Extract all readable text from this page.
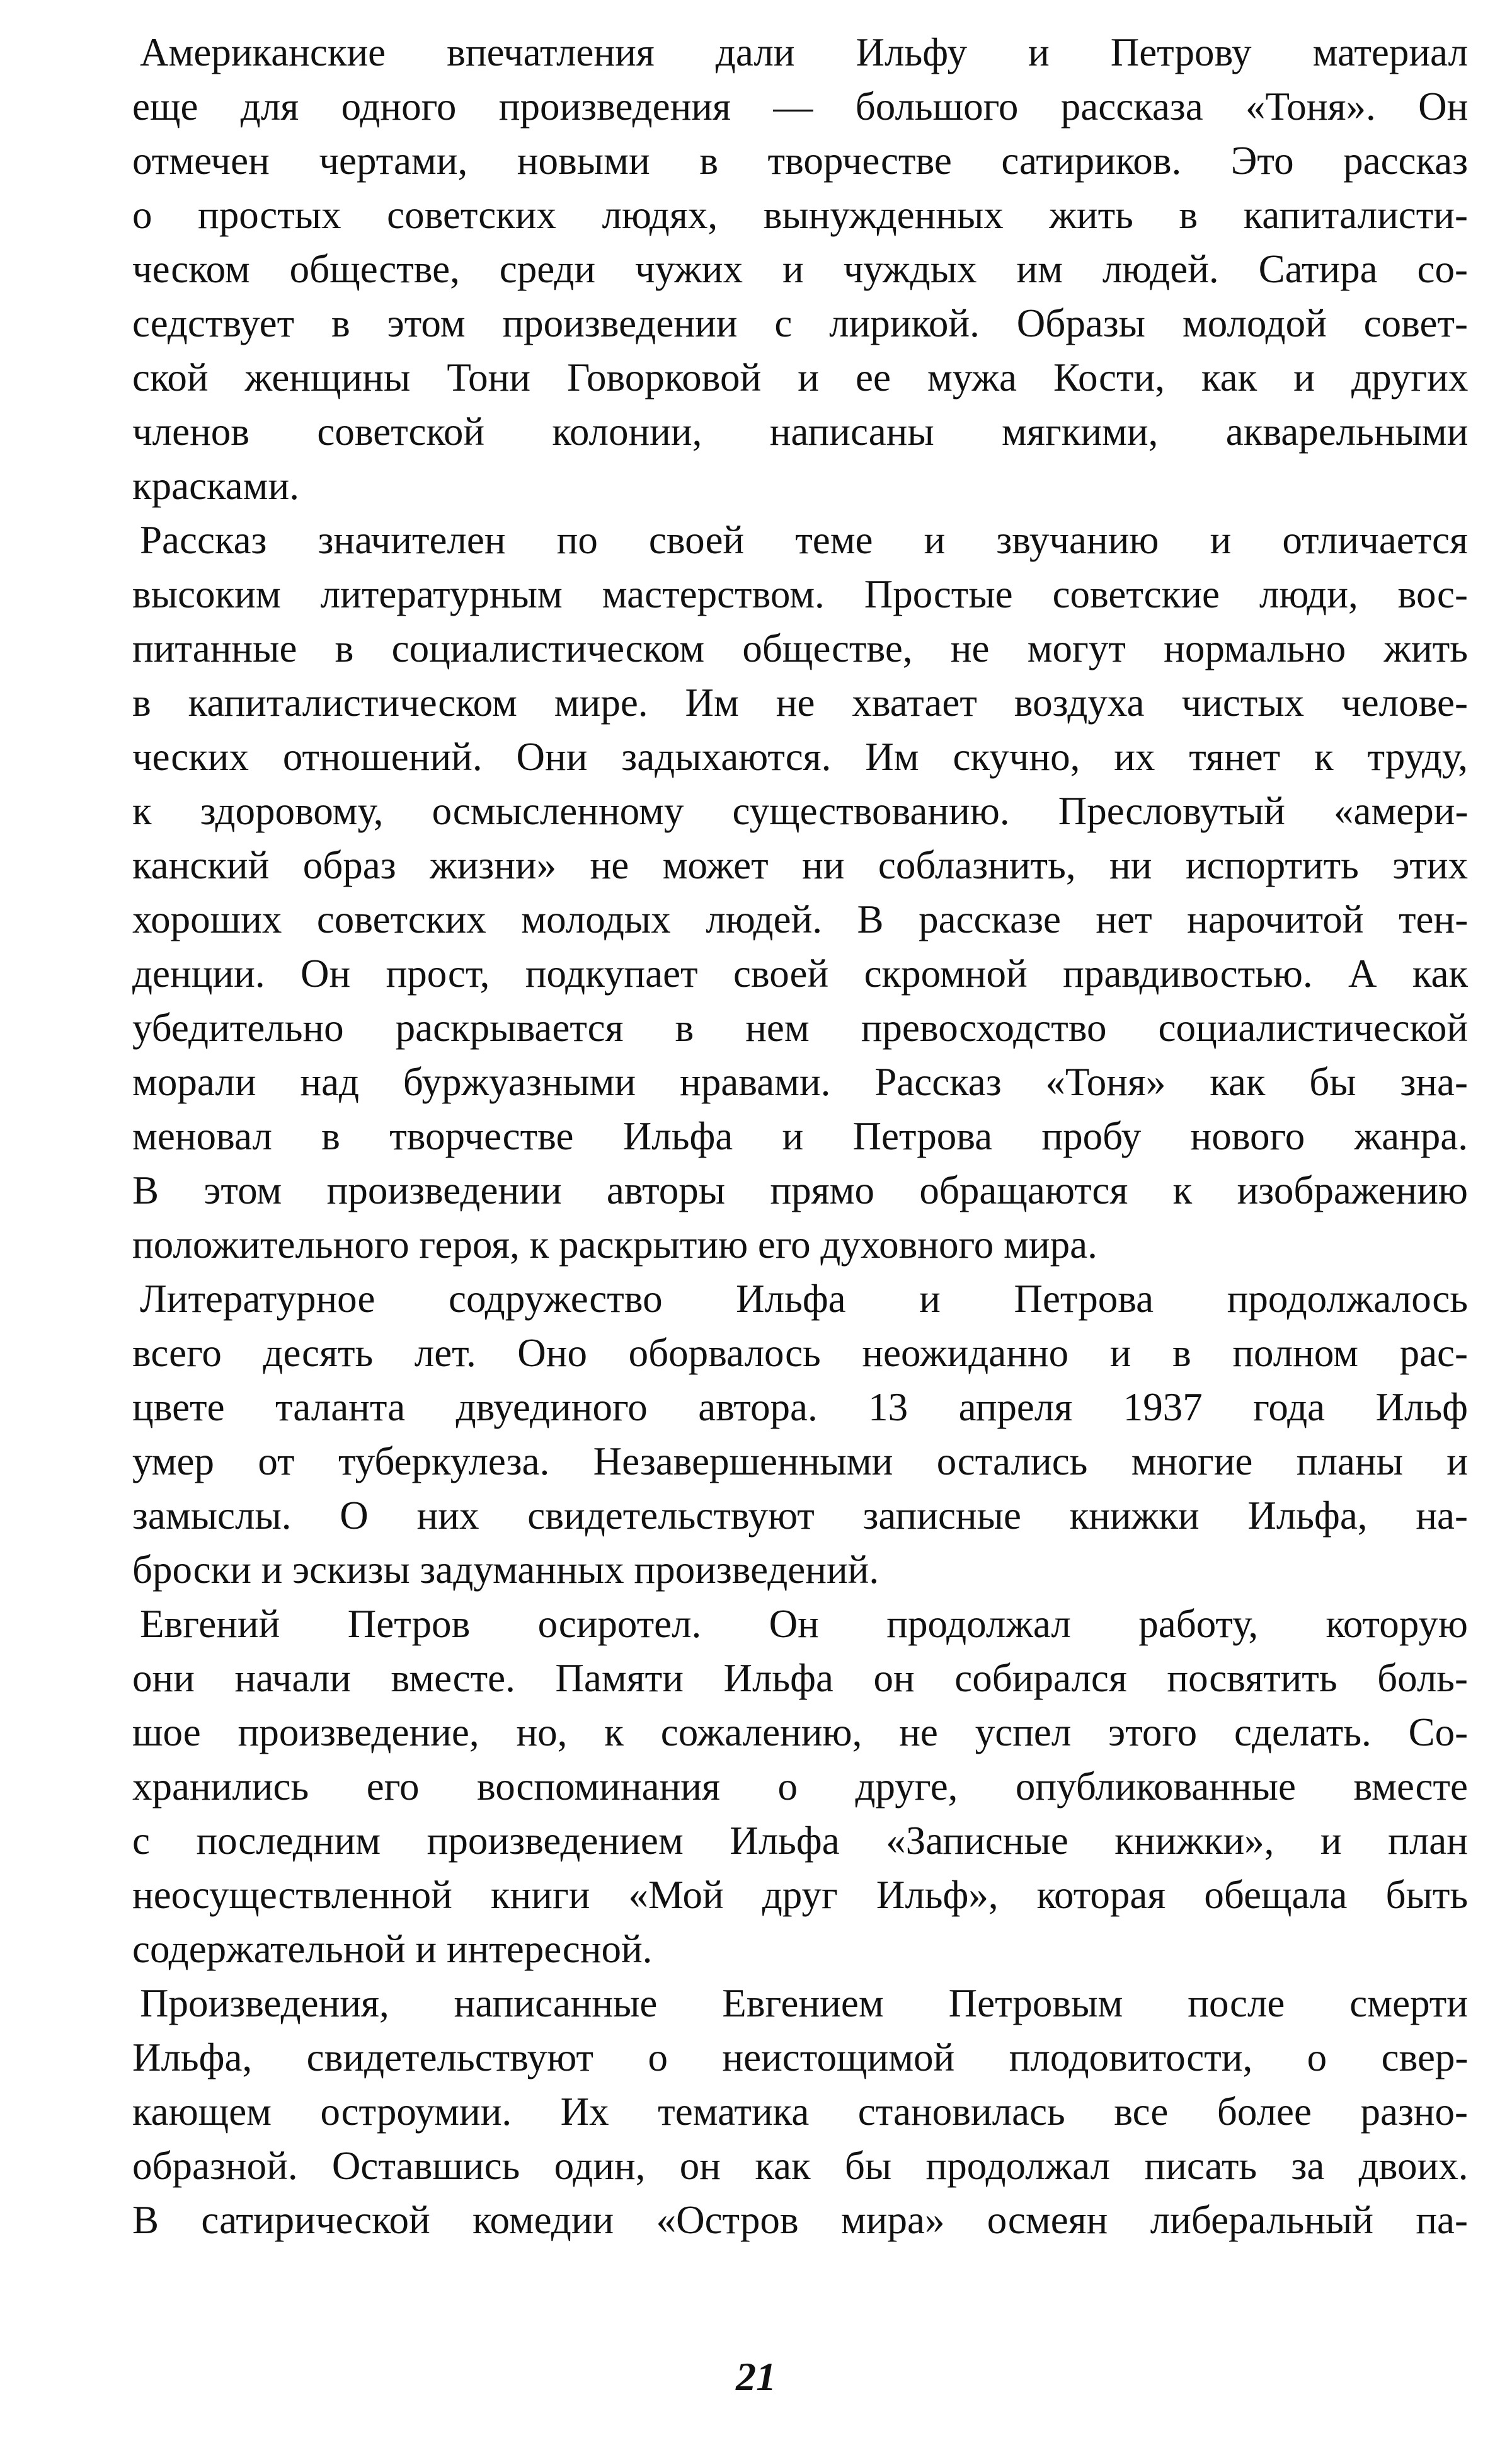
Американские впечатления дали Ильфу и Петрову материал
еще для одного произведения — большого рассказа «Тоня». Он
отмечен чертами, новыми в творчестве сатириков. Это рассказ
о простых советских людях, вынужденных жить в капиталисти-
ческом обществе, среди чужих и чуждых им людей. Сатира со-
седствует в этом произведении с лирикой. Образы молодой совет-
ской женщины Тони Говорковой и ее мужа Кости, как и других
членов советской колонии, написаны мягкими, акварельными
красками.

Рассказ значителен по своей теме и звучанию и отличается
высоким литературным мастерством. Простые советские люди, вос-
питанные в социалистическом обществе, не могут нормально жить
в капиталистическом мире. Им не хватает воздуха чистых челове-
ческих отношений. Они задыхаются. Им скучно, их тянет к труду,
к здоровому, осмысленному существованию. Пресловутый «амери-
канский образ жизни» не может ни соблазнить, ни испортить этих
хороших советских молодых людей. В рассказе нет нарочитой тен-
денции. Он прост, подкупает своей скромной правдивостью. А как
убедительно раскрывается в нем превосходство социалистической
морали над буржуазными нравами. Рассказ «Тоня» как бы зна-
меновал в творчестве Ильфа и Петрова пробу нового жанра.
В этом произведении авторы прямо обращаются к изображению
положительного героя, к раскрытию его духовного мира.

Литературное содружество Ильфа и Петрова продолжалось
всего десять лет. Оно оборвалось неожиданно и в полном рас-
цвете таланта двуединого автора. 13 апреля 1937 года Ильф
умер от туберкулеза. Незавершенными остались многие планы и
замыслы. О них свидетельствуют записные книжки Ильфа, на-
броски и эскизы задуманных произведений.

Евгений Петров осиротел. Он продолжал работу, которую
они начали вместе. Памяти Ильфа он собирался посвятить боль-
шое произведение, но, к сожалению, не успел этого сделать. Со-
хранились его воспоминания о друге, опубликованные вместе
с последним произведением Ильфа «Записные книжки», и план
неосуществленной книги «Мой друг Ильф», которая обещала быть
содержательной и интересной.

Произведения, написанные Евгением Петровым после смерти
Ильфа, свидетельствуют о неистощимой плодовитости, о свер-
кающем остроумии. Их тематика становилась все более разно-
образной. Оставшись один, он как бы продолжал писать за двоих.
В сатирической комедии «Остров мира» осмеян либеральный па-

21
